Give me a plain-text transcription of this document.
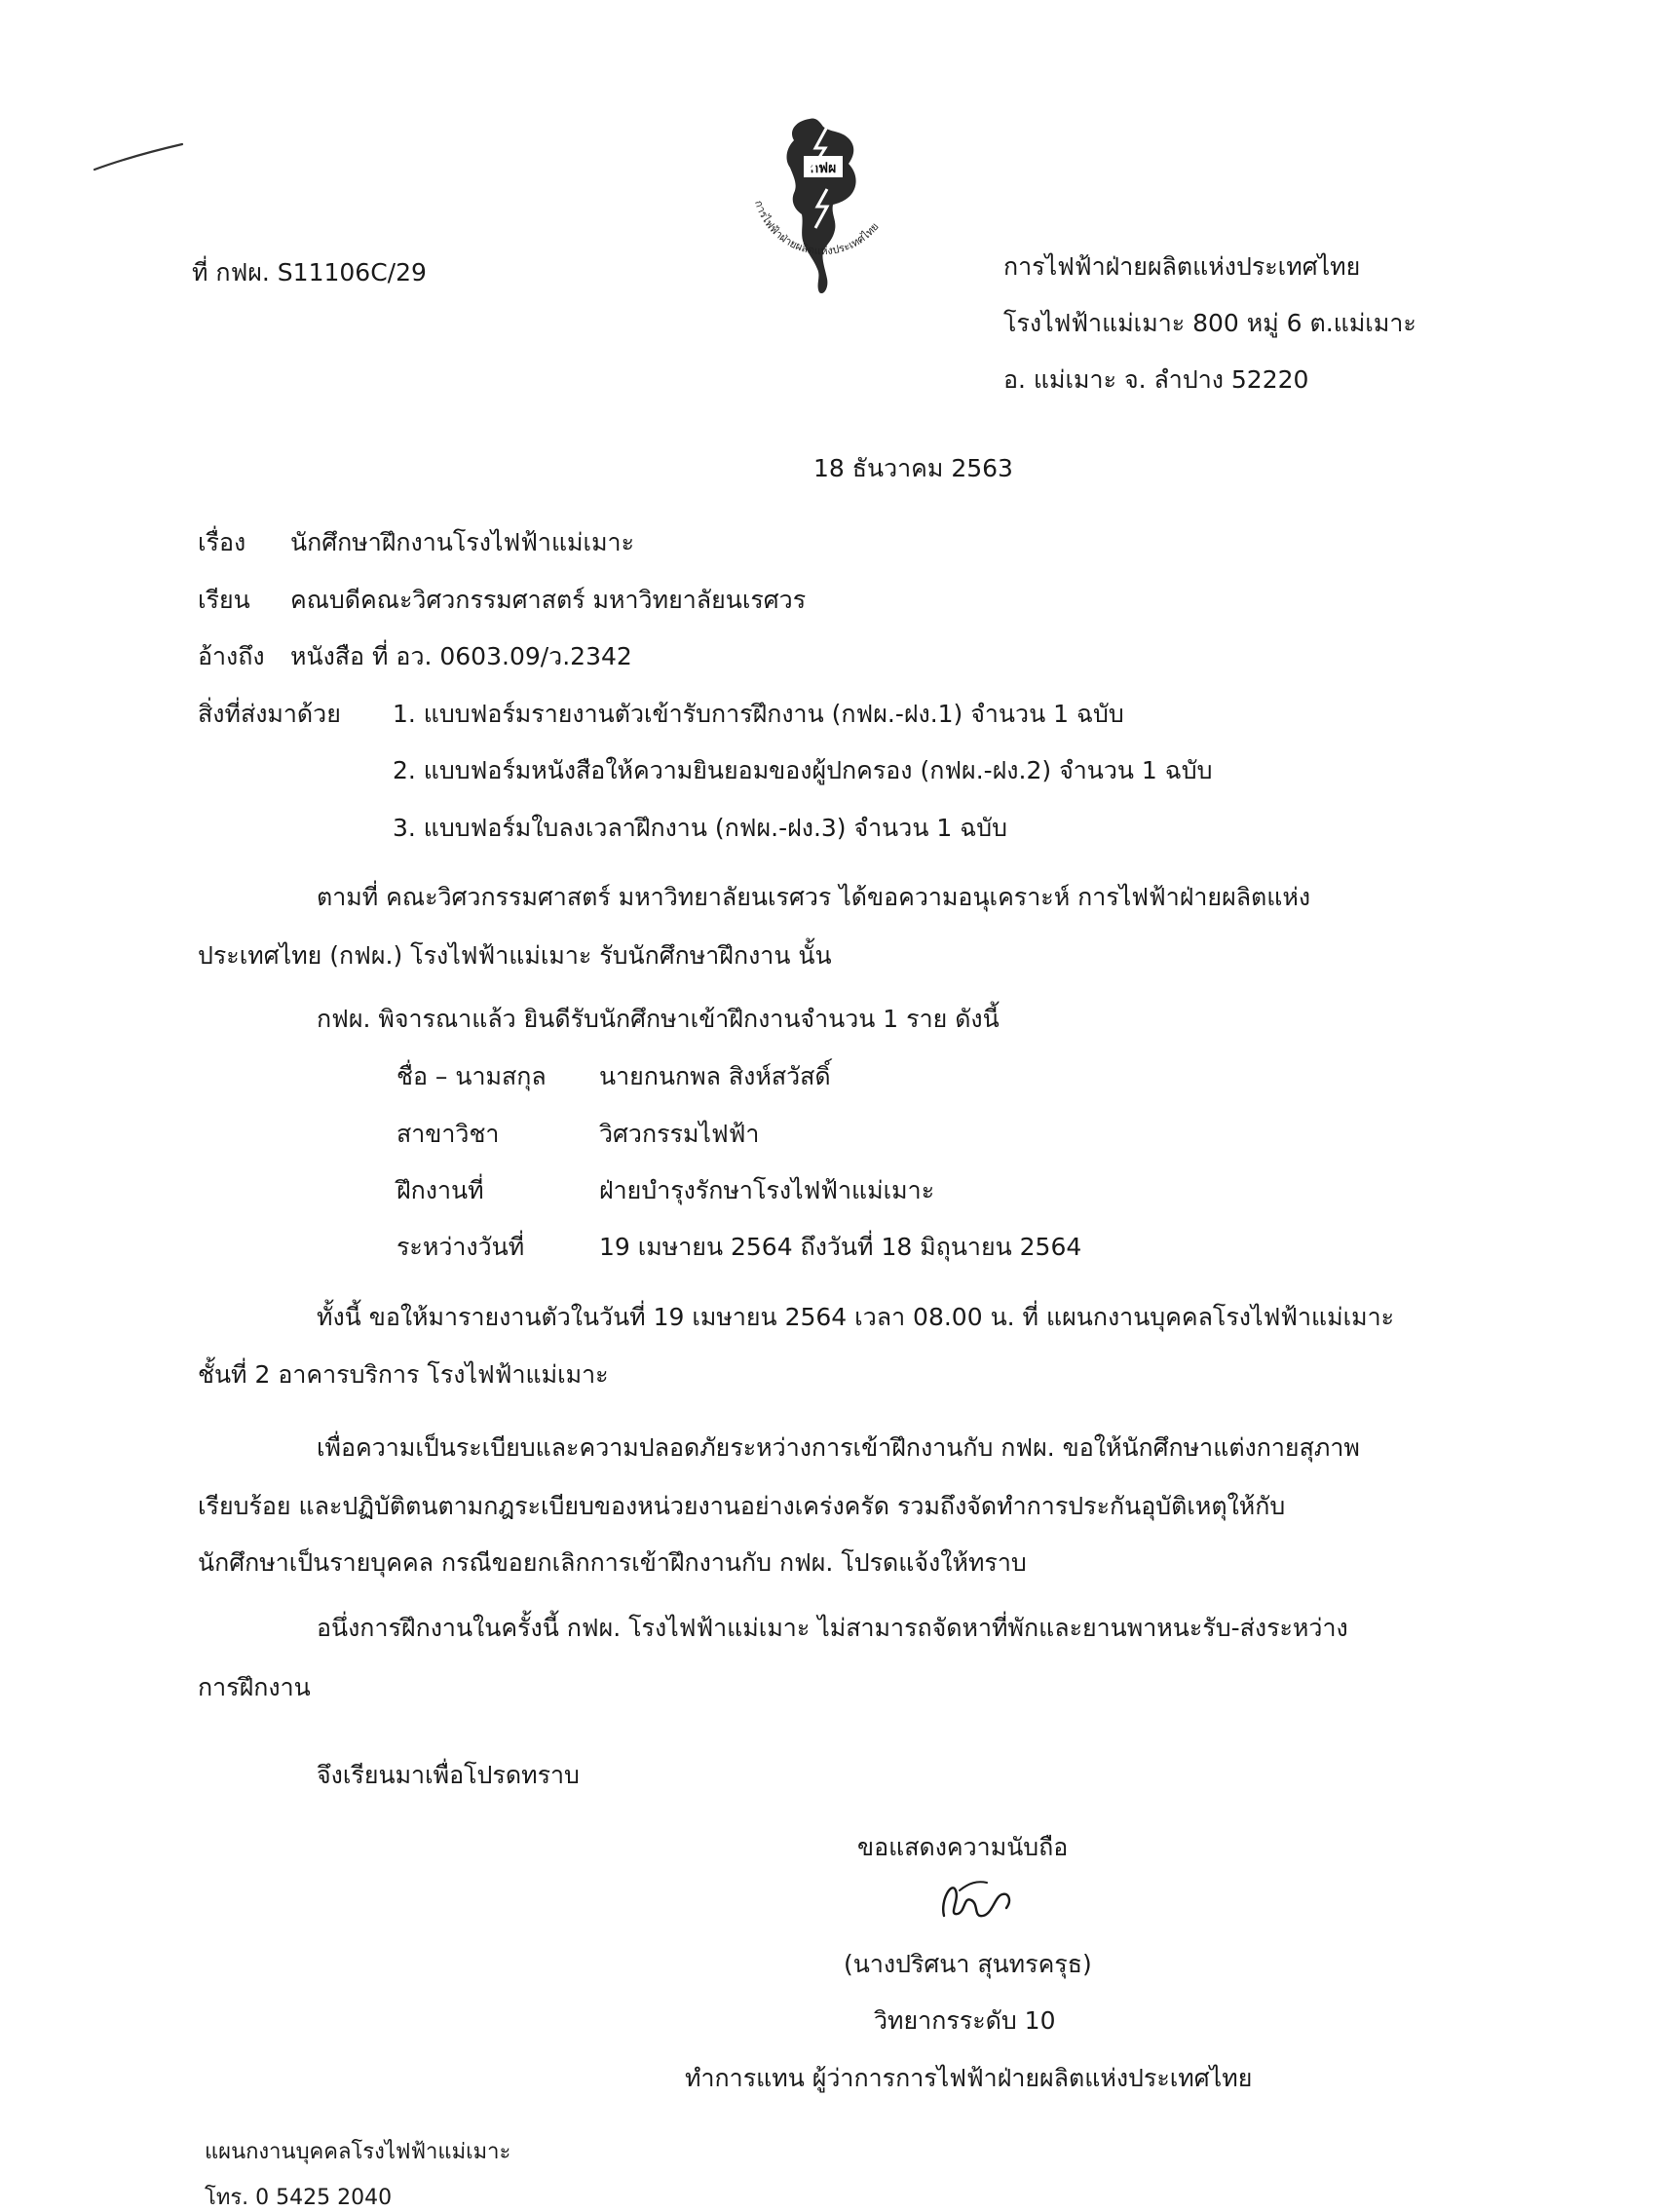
กฟผ
การไฟฟ้าฝ่ายผลิตแห่งประเทศไทย
ที่ กฟผ. S11106C/29	การไฟฟ้าฝ่ายผลิตแห่งประเทศไทย
โรงไฟฟ้าแม่เมาะ 800 หมู่ 6 ต.แม่เมาะ
อ. แม่เมาะ จ. ลำปาง 52220
18 ธันวาคม 2563
เรื่อง นักศึกษาฝึกงานโรงไฟฟ้าแม่เมาะ
เรียน คณบดีคณะวิศวกรรมศาสตร์ มหาวิทยาลัยนเรศวร
อ้างถึง หนังสือ ที่ อว. 0603.09/ว.2342
สิ่งที่ส่งมาด้วย 1. แบบฟอร์มรายงานตัวเข้ารับการฝึกงาน (กฟผ.-ฝง.1) จำนวน 1 ฉบับ
2. แบบฟอร์มหนังสือให้ความยินยอมของผู้ปกครอง (กฟผ.-ฝง.2) จำนวน 1 ฉบับ
3. แบบฟอร์มใบลงเวลาฝึกงาน (กฟผ.-ฝง.3) จำนวน 1 ฉบับ
ตามที่ คณะวิศวกรรมศาสตร์ มหาวิทยาลัยนเรศวร ได้ขอความอนุเคราะห์ การไฟฟ้าฝ่ายผลิตแห่ง
ประเทศไทย (กฟผ.) โรงไฟฟ้าแม่เมาะ รับนักศึกษาฝึกงาน นั้น
กฟผ. พิจารณาแล้ว ยินดีรับนักศึกษาเข้าฝึกงานจำนวน 1 ราย ดังนี้
ชื่อ – นามสกุล นายกนกพล สิงห์สวัสดิ์
สาขาวิชา	วิศวกรรมไฟฟ้า
ฝึกงานที่	ฝ่ายบำรุงรักษาโรงไฟฟ้าแม่เมาะ
ระหว่างวันที่	19 เมษายน 2564 ถึงวันที่ 18 มิถุนายน 2564
ทั้งนี้ ขอให้มารายงานตัวในวันที่ 19 เมษายน 2564 เวลา 08.00 น. ที่ แผนกงานบุคคลโรงไฟฟ้าแม่เมาะ
ชั้นที่ 2 อาคารบริการ โรงไฟฟ้าแม่เมาะ
เพื่อความเป็นระเบียบและความปลอดภัยระหว่างการเข้าฝึกงานกับ กฟผ. ขอให้นักศึกษาแต่งกายสุภาพ
เรียบร้อย และปฏิบัติตนตามกฎระเบียบของหน่วยงานอย่างเคร่งครัด รวมถึงจัดทำการประกันอุบัติเหตุให้กับ
นักศึกษาเป็นรายบุคคล กรณีขอยกเลิกการเข้าฝึกงานกับ กฟผ. โปรดแจ้งให้ทราบ
อนึ่งการฝึกงานในครั้งนี้ กฟผ. โรงไฟฟ้าแม่เมาะ ไม่สามารถจัดหาที่พักและยานพาหนะรับ-ส่งระหว่าง
การฝึกงาน
จึงเรียนมาเพื่อโปรดทราบ
ขอแสดงความนับถือ
(นางปริศนา สุนทรครุธ)
วิทยากรระดับ 10
ทำการแทน ผู้ว่าการการไฟฟ้าฝ่ายผลิตแห่งประเทศไทย
แผนกงานบุคคลโรงไฟฟ้าแม่เมาะ
โทร. 0 5425 2040
